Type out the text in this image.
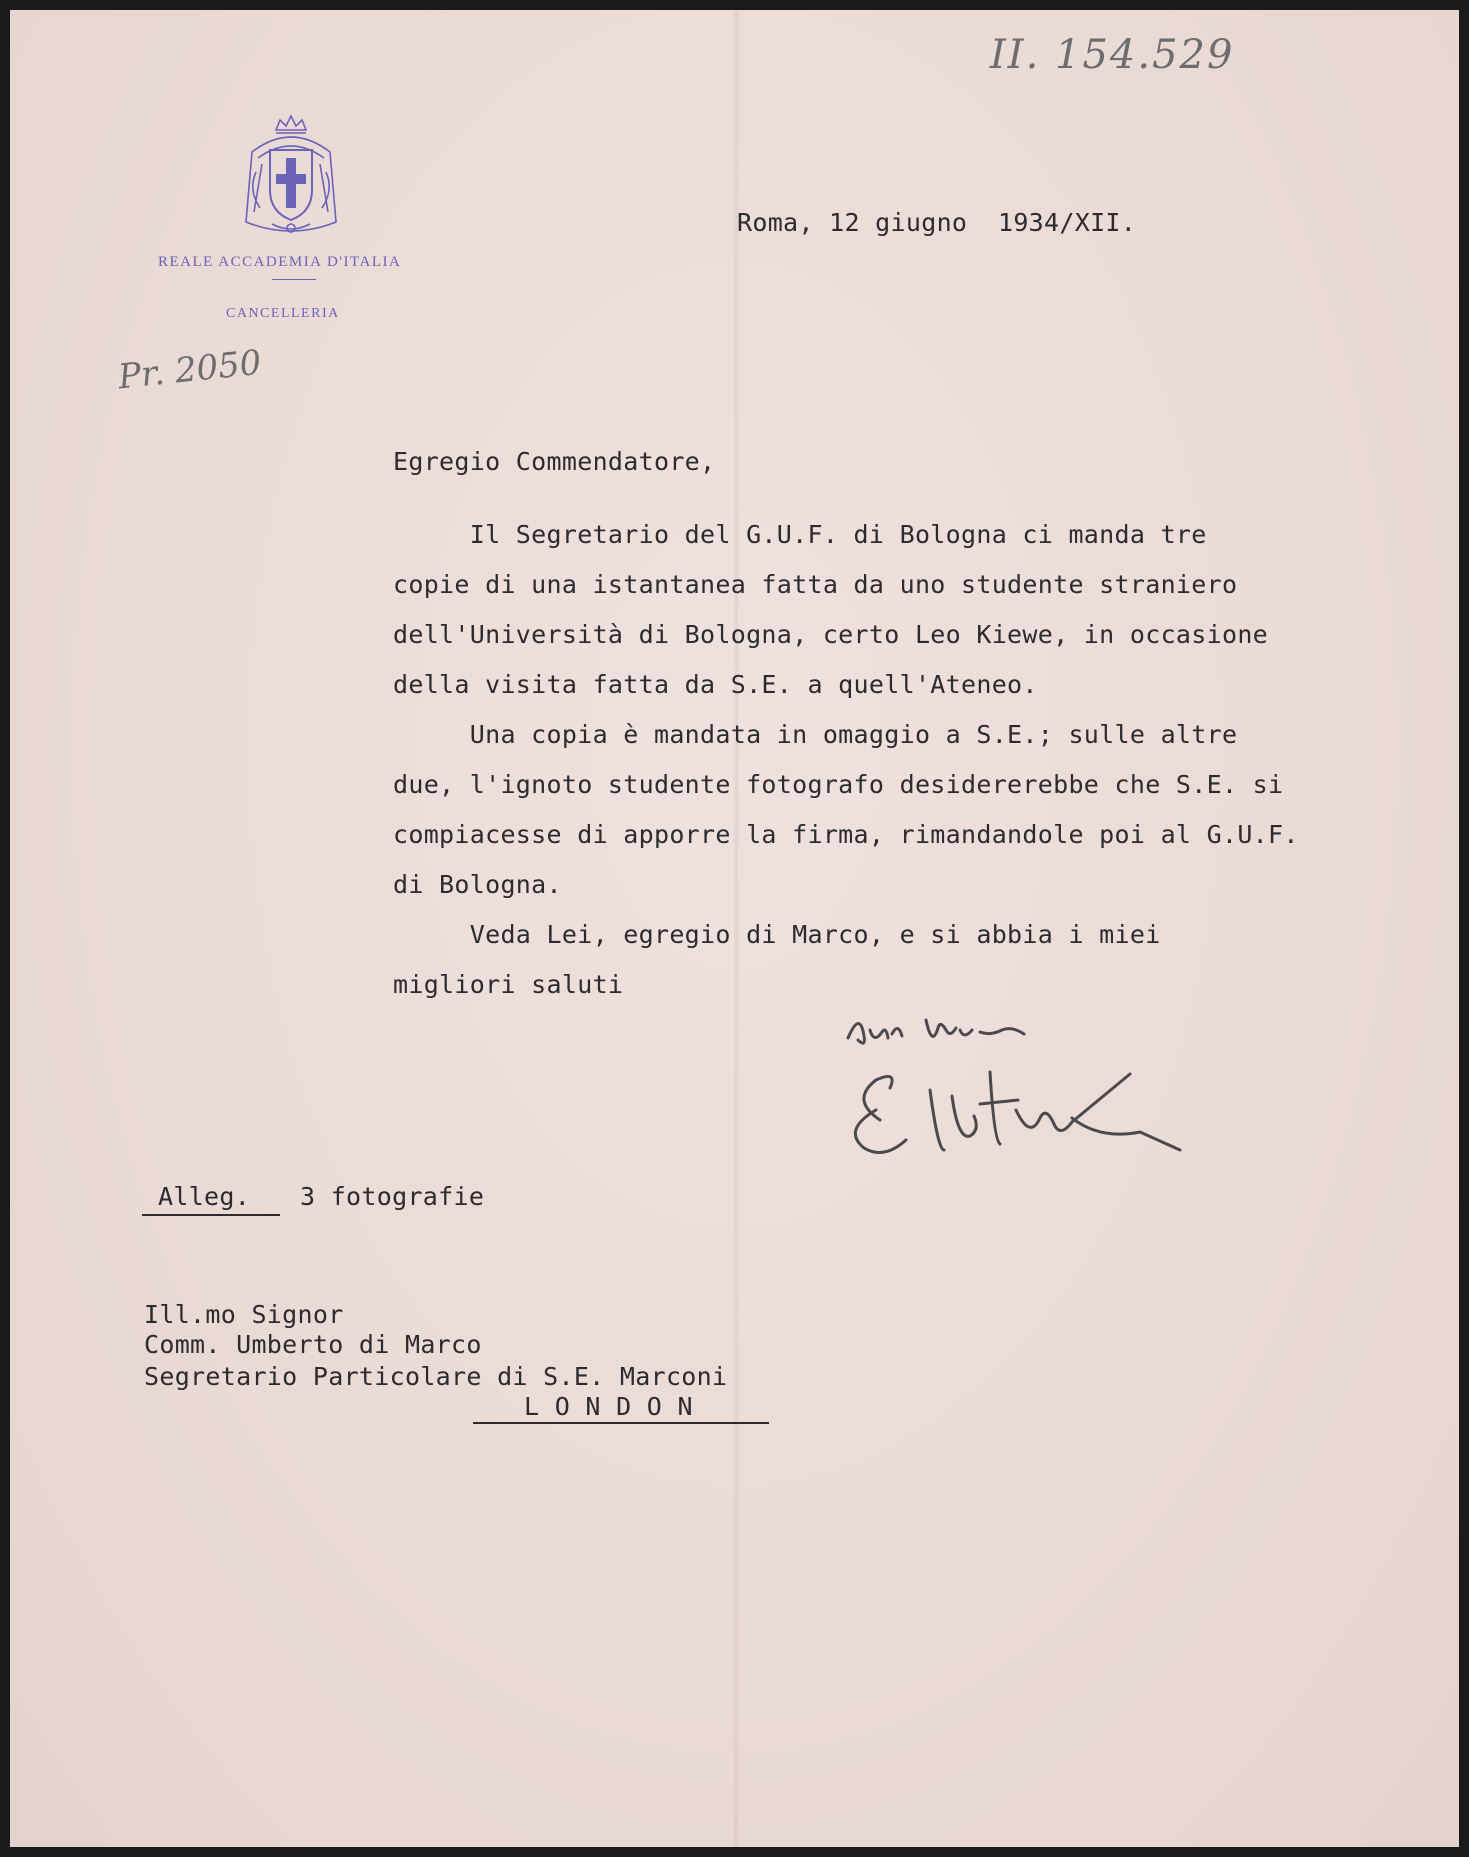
II. 154.529
REALE ACCADEMIA D'ITALIA
CANCELLERIA
Pr. 2050
Roma, 12 giugno  1934/XII.
Egregio Commendatore,
Il Segretario del G.U.F. di Bologna ci manda tre
copie di una istantanea fatta da uno studente straniero
dell'Università di Bologna, certo Leo Kiewe, in occasione
della visita fatta da S.E. a quell'Ateneo.
Una copia è mandata in omaggio a S.E.; sulle altre
due, l'ignoto studente fotografo desidererebbe che S.E. si
compiacesse di apporre la firma, rimandandole poi al G.U.F.
di Bologna.
Veda Lei, egregio di Marco, e si abbia i miei
migliori saluti
Alleg. 3 fotografie
Ill.mo Signor
Comm. Umberto di Marco
Segretario Particolare di S.E. Marconi
L O N D O N
